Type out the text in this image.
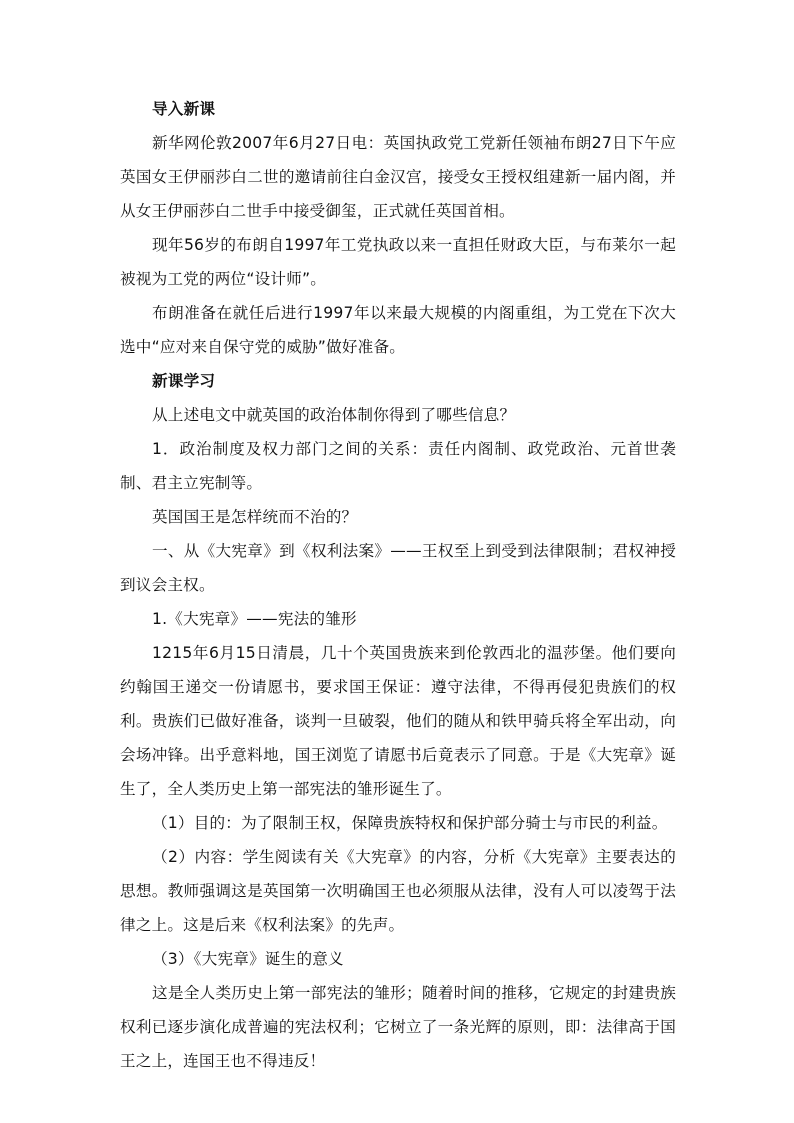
导入新课

新华网伦敦2007年6月27日电：英国执政党工党新任领袖布朗27日下午应英国女王伊丽莎白二世的邀请前往白金汉宫，接受女王授权组建新一届内阁，并从女王伊丽莎白二世手中接受御玺，正式就任英国首相。

现年56岁的布朗自1997年工党执政以来一直担任财政大臣，与布莱尔一起被视为工党的两位“设计师”。

布朗准备在就任后进行1997年以来最大规模的内阁重组，为工党在下次大选中“应对来自保守党的威胁”做好准备。

新课学习

从上述电文中就英国的政治体制你得到了哪些信息？

1．政治制度及权力部门之间的关系：责任内阁制、政党政治、元首世袭制、君主立宪制等。

英国国王是怎样统而不治的？

一、从《大宪章》到《权利法案》——王权至上到受到法律限制；君权神授到议会主权。

1.《大宪章》——宪法的雏形

1215年6月15日清晨，几十个英国贵族来到伦敦西北的温莎堡。他们要向约翰国王递交一份请愿书，要求国王保证：遵守法律，不得再侵犯贵族们的权利。贵族们已做好准备，谈判一旦破裂，他们的随从和铁甲骑兵将全军出动，向会场冲锋。出乎意料地，国王浏览了请愿书后竟表示了同意。于是《大宪章》诞生了，全人类历史上第一部宪法的雏形诞生了。

（1）目的：为了限制王权，保障贵族特权和保护部分骑士与市民的利益。

（2）内容：学生阅读有关《大宪章》的内容，分析《大宪章》主要表达的思想。教师强调这是英国第一次明确国王也必须服从法律，没有人可以凌驾于法律之上。这是后来《权利法案》的先声。

（3）《大宪章》诞生的意义

这是全人类历史上第一部宪法的雏形；随着时间的推移，它规定的封建贵族权利已逐步演化成普遍的宪法权利；它树立了一条光辉的原则，即：法律高于国王之上，连国王也不得违反！
